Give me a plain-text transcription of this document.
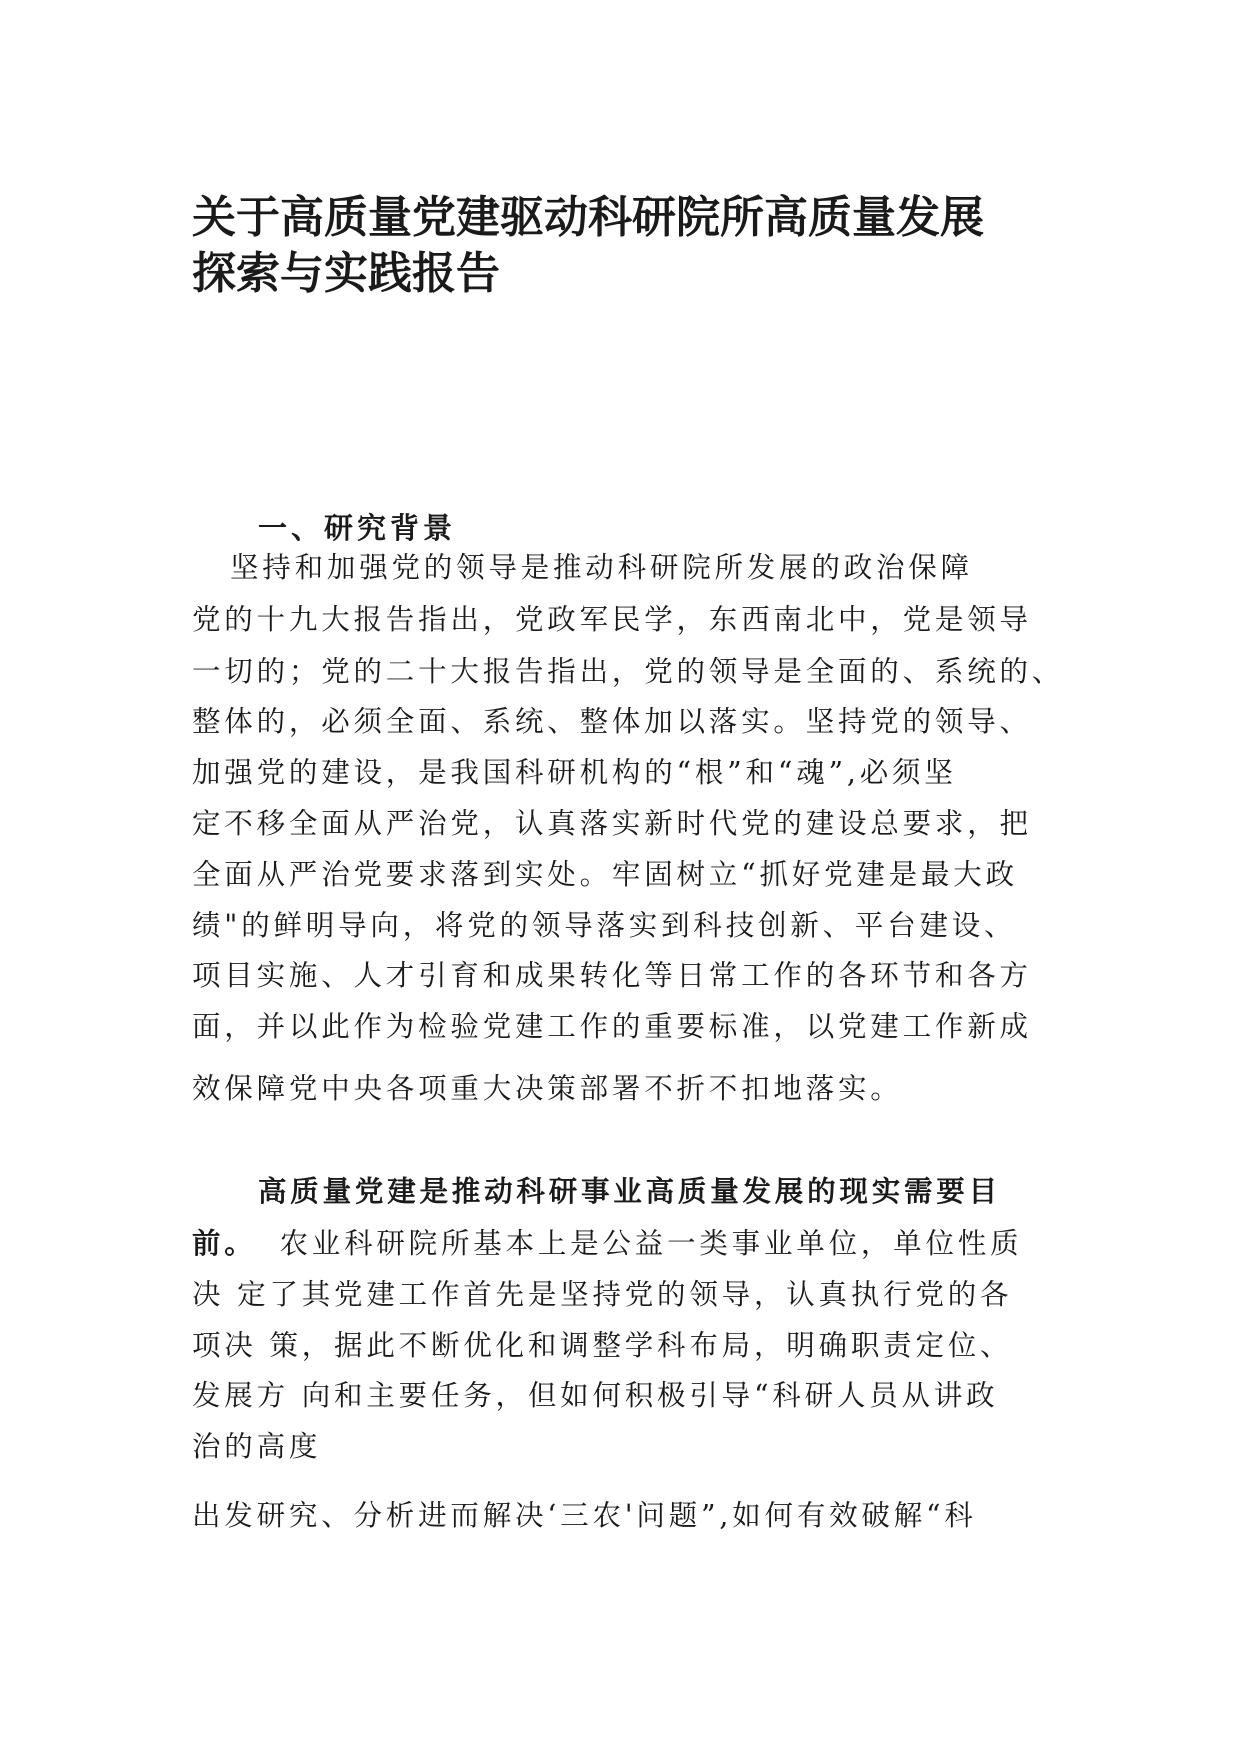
关于高质量党建驱动科研院所高质量发展
探索与实践报告
一、研究背景
坚持和加强党的领导是推动科研院所发展的政治保障
党的十九大报告指出，党政军民学，东西南北中，党是领导
一切的；党的二十大报告指出，党的领导是全面的、系统的、
整体的，必须全面、系统、整体加以落实。坚持党的领导、
加强党的建设，是我国科研机构的“根”和“魂”,必须坚
定不移全面从严治党，认真落实新时代党的建设总要求，把
全面从严治党要求落到实处。牢固树立“抓好党建是最大政
绩"的鲜明导向，将党的领导落实到科技创新、平台建设、
项目实施、人才引育和成果转化等日常工作的各环节和各方
面，并以此作为检验党建工作的重要标准，以党建工作新成
效保障党中央各项重大决策部署不折不扣地落实。
高质量党建是推动科研事业高质量发展的现实需要目
前。 农业科研院所基本上是公益一类事业单位，单位性质
决 定了其党建工作首先是坚持党的领导，认真执行党的各
项决 策，据此不断优化和调整学科布局，明确职责定位、
发展方 向和主要任务，但如何积极引导“科研人员从讲政
治的高度
出发研究、分析进而解决‘三农'问题”,如何有效破解“科
